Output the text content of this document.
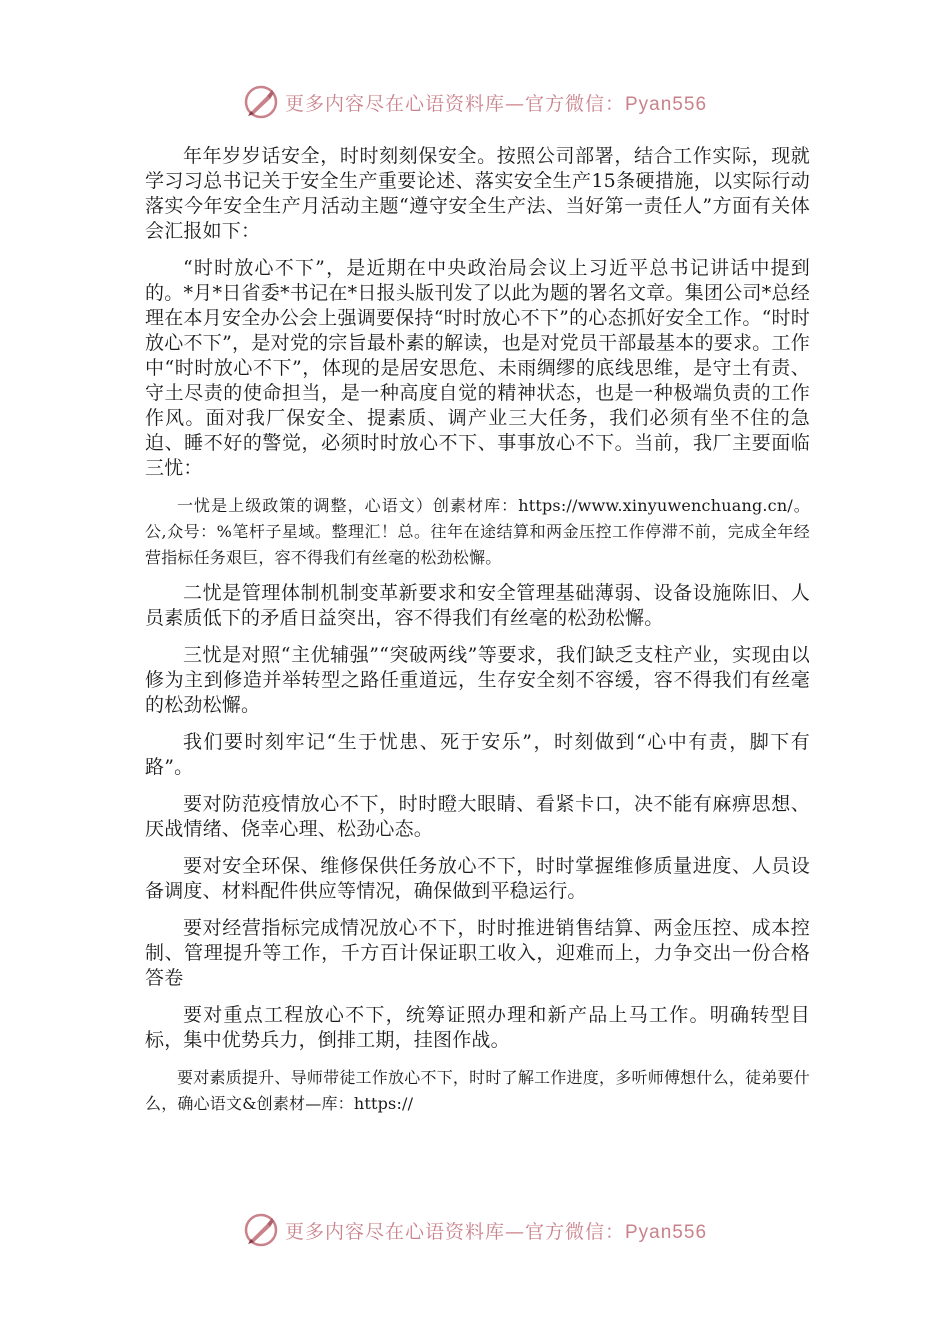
更多内容尽在心语资料库—官方微信：Pyan556

年年岁岁话安全，时时刻刻保安全。按照公司部署，结合工作实际，现就学习习总书记关于安全生产重要论述、落实安全生产15条硬措施，以实际行动落实今年安全生产月活动主题“遵守安全生产法、当好第一责任人”方面有关体会汇报如下：

“时时放心不下”，是近期在中央政治局会议上习近平总书记讲话中提到的。*月*日省委*书记在*日报头版刊发了以此为题的署名文章。集团公司*总经理在本月安全办公会上强调要保持“时时放心不下”的心态抓好安全工作。“时时放心不下”，是对党的宗旨最朴素的解读，也是对党员干部最基本的要求。工作中“时时放心不下”，体现的是居安思危、未雨绸缪的底线思维，是守土有责、守土尽责的使命担当，是一种高度自觉的精神状态，也是一种极端负责的工作作风。面对我厂保安全、提素质、调产业三大任务，我们必须有坐不住的急迫、睡不好的警觉，必须时时放心不下、事事放心不下。当前，我厂主要面临三忧：

一忧是上级政策的调整，心语文）创素材库：https://www.xinyuwenchuang.cn/。公,众号：%笔杆子星域。整理汇！总。往年在途结算和两金压控工作停滞不前，完成全年经营指标任务艰巨，容不得我们有丝毫的松劲松懈。

二忧是管理体制机制变革新要求和安全管理基础薄弱、设备设施陈旧、人员素质低下的矛盾日益突出，容不得我们有丝毫的松劲松懈。

三忧是对照“主优辅强”“突破两线”等要求，我们缺乏支柱产业，实现由以修为主到修造并举转型之路任重道远，生存安全刻不容缓，容不得我们有丝毫的松劲松懈。

我们要时刻牢记“生于忧患、死于安乐”，时刻做到“心中有责，脚下有路”。

要对防范疫情放心不下，时时瞪大眼睛、看紧卡口，决不能有麻痹思想、厌战情绪、侥幸心理、松劲心态。

要对安全环保、维修保供任务放心不下，时时掌握维修质量进度、人员设备调度、材料配件供应等情况，确保做到平稳运行。

要对经营指标完成情况放心不下，时时推进销售结算、两金压控、成本控制、管理提升等工作，千方百计保证职工收入，迎难而上，力争交出一份合格答卷

要对重点工程放心不下，统筹证照办理和新产品上马工作。明确转型目标，集中优势兵力，倒排工期，挂图作战。

要对素质提升、导师带徒工作放心不下，时时了解工作进度，多听师傅想什么，徒弟要什么，确心语文&创素材—库：https://

更多内容尽在心语资料库—官方微信：Pyan556
